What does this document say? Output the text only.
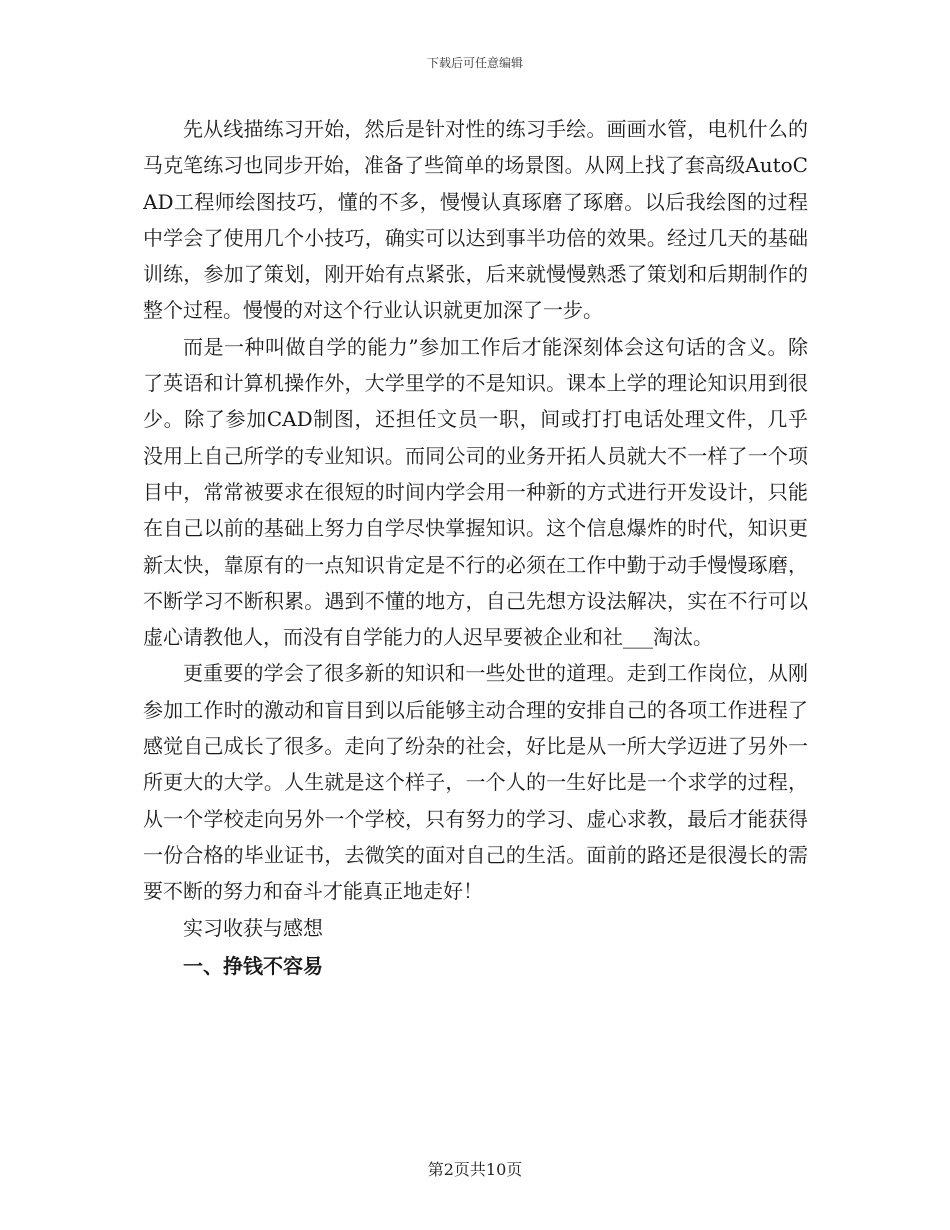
下载后可任意编辑

先从线描练习开始，然后是针对性的练习手绘。画画水管，电机什么的马克笔练习也同步开始，准备了些简单的场景图。从网上找了套高级AutoCAD工程师绘图技巧，懂的不多，慢慢认真琢磨了琢磨。以后我绘图的过程中学会了使用几个小技巧，确实可以达到事半功倍的效果。经过几天的基础训练，参加了策划，刚开始有点紧张，后来就慢慢熟悉了策划和后期制作的整个过程。慢慢的对这个行业认识就更加深了一步。

而是一种叫做自学的能力”参加工作后才能深刻体会这句话的含义。除了英语和计算机操作外，大学里学的不是知识。课本上学的理论知识用到很少。除了参加CAD制图，还担任文员一职，间或打打电话处理文件，几乎没用上自己所学的专业知识。而同公司的业务开拓人员就大不一样了一个项目中，常常被要求在很短的时间内学会用一种新的方式进行开发设计，只能在自己以前的基础上努力自学尽快掌握知识。这个信息爆炸的时代，知识更新太快，靠原有的一点知识肯定是不行的必须在工作中勤于动手慢慢琢磨，不断学习不断积累。遇到不懂的地方，自己先想方设法解决，实在不行可以虚心请教他人，而没有自学能力的人迟早要被企业和社___淘汰。

更重要的学会了很多新的知识和一些处世的道理。走到工作岗位，从刚参加工作时的激动和盲目到以后能够主动合理的安排自己的各项工作进程了感觉自己成长了很多。走向了纷杂的社会，好比是从一所大学迈进了另外一所更大的大学。人生就是这个样子，一个人的一生好比是一个求学的过程，从一个学校走向另外一个学校，只有努力的学习、虚心求教，最后才能获得一份合格的毕业证书，去微笑的面对自己的生活。面前的路还是很漫长的需要不断的努力和奋斗才能真正地走好！

实习收获与感想

一、挣钱不容易

第2页共10页
